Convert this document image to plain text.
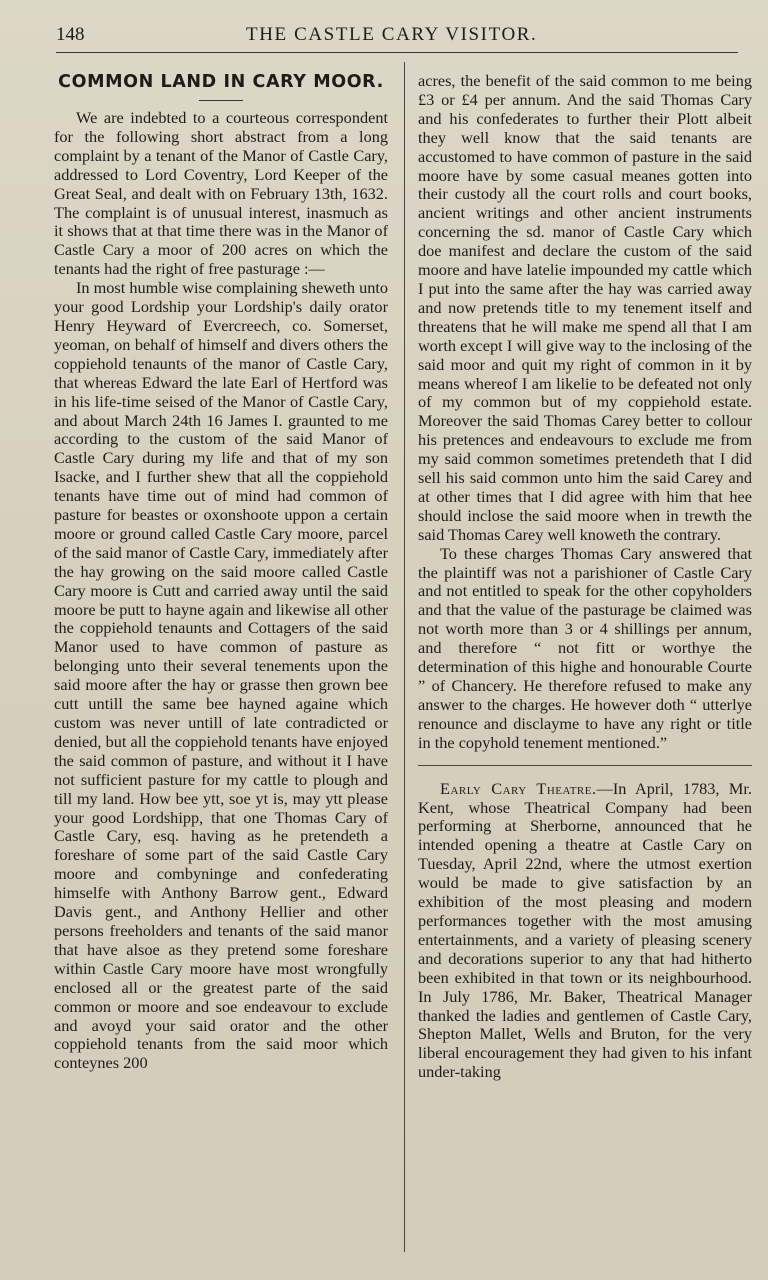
148	THE CASTLE CARY VISITOR.
COMMON LAND IN CARY MOOR.

We are indebted to a courteous correspondent for the following short abstract from a long complaint by a tenant of the Manor of Castle Cary, addressed to Lord Coventry, Lord Keeper of the Great Seal, and dealt with on February 13th, 1632. The complaint is of unusual interest, inasmuch as it shows that at that time there was in the Manor of Castle Cary a moor of 200 acres on which the tenants had the right of free pasturage :—

In most humble wise complaining sheweth unto your good Lordship your Lordship's daily orator Henry Heyward of Evercreech, co. Somerset, yeoman, on behalf of himself and divers others the coppiehold tenaunts of the manor of Castle Cary, that whereas Edward the late Earl of Hertford was in his life-time seised of the Manor of Castle Cary, and about March 24th 16 James I. graunted to me according to the custom of the said Manor of Castle Cary during my life and that of my son Isacke, and I further shew that all the coppiehold tenants have time out of mind had common of pasture for beastes or oxonshoote uppon a certain moore or ground called Castle Cary moore, parcel of the said manor of Castle Cary, immediately after the hay growing on the said moore called Castle Cary moore is Cutt and carried away until the said moore be putt to hayne again and likewise all other the coppiehold tenaunts and Cottagers of the said Manor used to have common of pasture as belonging unto their several tenements upon the said moore after the hay or grasse then grown bee cutt untill the same bee hayned againe which custom was never untill of late contradicted or denied, but all the coppiehold tenants have enjoyed the said common of pasture, and without it I have not sufficient pasture for my cattle to plough and till my land. How bee ytt, soe yt is, may ytt please your good Lordshipp, that one Thomas Cary of Castle Cary, esq. having as he pretendeth a foreshare of some part of the said Castle Cary moore and combyninge and confederating himselfe with Anthony Barrow gent., Edward Davis gent., and Anthony Hellier and other persons freeholders and tenants of the said manor that have alsoe as they pretend some foreshare within Castle Cary moore have most wrongfully enclosed all or the greatest parte of the said common or moore and soe endeavour to exclude and avoyd your said orator and the other coppiehold tenants from the said moor which conteynes 200

acres, the benefit of the said common to me being £3 or £4 per annum. And the said Thomas Cary and his confederates to further their Plott albeit they well know that the said tenants are accustomed to have common of pasture in the said moore have by some casual meanes gotten into their custody all the court rolls and court books, ancient writings and other ancient instruments concerning the sd. manor of Castle Cary which doe manifest and declare the custom of the said moore and have latelie impounded my cattle which I put into the same after the hay was carried away and now pretends title to my tenement itself and threatens that he will make me spend all that I am worth except I will give way to the inclosing of the said moor and quit my right of common in it by means whereof I am likelie to be defeated not only of my common but of my coppiehold estate. Moreover the said Thomas Carey better to collour his pretences and endeavours to exclude me from my said common sometimes pretendeth that I did sell his said common unto him the said Carey and at other times that I did agree with him that hee should inclose the said moore when in trewth the said Thomas Carey well knoweth the contrary.

To these charges Thomas Cary answered that the plaintiff was not a parishioner of Castle Cary and not entitled to speak for the other copyholders and that the value of the pasturage be claimed was not worth more than 3 or 4 shillings per annum, and therefore “ not fitt or worthye the determination of this highe and honourable Courte ” of Chancery. He therefore refused to make any answer to the charges. He however doth “ utterlye renounce and disclayme to have any right or title in the copyhold tenement mentioned.”

Early Cary Theatre.—In April, 1783, Mr. Kent, whose Theatrical Company had been performing at Sherborne, announced that he intended opening a theatre at Castle Cary on Tuesday, April 22nd, where the utmost exertion would be made to give satisfaction by an exhibition of the most pleasing and modern performances together with the most amusing entertainments, and a variety of pleasing scenery and decorations superior to any that had hitherto been exhibited in that town or its neighbourhood. In July 1786, Mr. Baker, Theatrical Manager thanked the ladies and gentlemen of Castle Cary, Shepton Mallet, Wells and Bruton, for the very liberal encouragement they had given to his infant under-taking
